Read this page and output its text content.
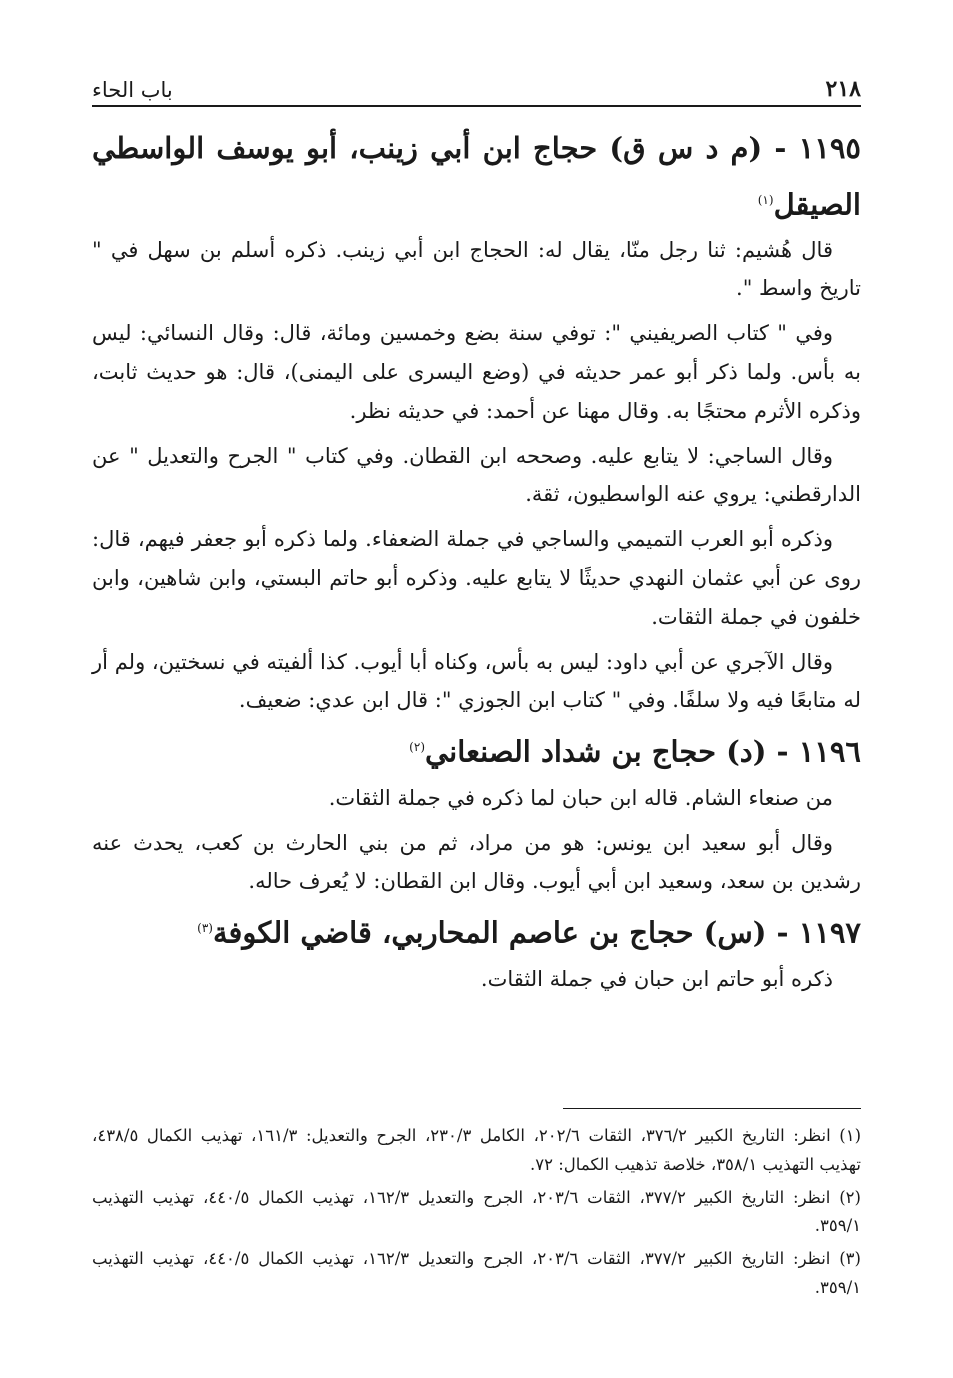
٢١٨
باب الحاء
١١٩٥ - (م د س ق) حجاج ابن أبي زينب، أبو يوسف الواسطي الصيقل$^{(١)}$

قال هُشيم: ثنا رجل منّا، يقال له: الحجاج ابن أبي زينب. ذكره أسلم بن سهل في " تاريخ واسط ".

وفي " كتاب الصريفيني ": توفي سنة بضع وخمسين ومائة، قال: وقال النسائي: ليس به بأس. ولما ذكر أبو عمر حديثه في (وضع اليسرى على اليمنى)، قال: هو حديث ثابت، وذكره الأثرم محتجًا به. وقال مهنا عن أحمد: في حديثه نظر.

وقال الساجي: لا يتابع عليه. وصححه ابن القطان. وفي كتاب " الجرح والتعديل " عن الدارقطني: يروي عنه الواسطيون، ثقة.

وذكره أبو العرب التميمي والساجي في جملة الضعفاء. ولما ذكره أبو جعفر فيهم، قال: روى عن أبي عثمان النهدي حديثًا لا يتابع عليه. وذكره أبو حاتم البستي، وابن شاهين، وابن خلفون في جملة الثقات.

وقال الآجري عن أبي داود: ليس به بأس، وكناه أبا أيوب. كذا ألفيته في نسختين، ولم أر له متابعًا فيه ولا سلفًا. وفي " كتاب ابن الجوزي ": قال ابن عدي: ضعيف.

١١٩٦ - (د) حجاج بن شداد الصنعاني$^{(٢)}$

من صنعاء الشام. قاله ابن حبان لما ذكره في جملة الثقات.

وقال أبو سعيد ابن يونس: هو من مراد، ثم من بني الحارث بن كعب، يحدث عنه رشدين بن سعد، وسعيد ابن أبي أيوب. وقال ابن القطان: لا يُعرف حاله.

١١٩٧ - (س) حجاج بن عاصم المحاربي، قاضي الكوفة$^{(٣)}$

ذكره أبو حاتم ابن حبان في جملة الثقات.

(١) انظر: التاريخ الكبير ٣٧٦/٢، الثقات ٢٠٢/٦، الكامل ٢٣٠/٣، الجرح والتعديل: ١٦١/٣، تهذيب الكمال ٤٣٨/٥، تهذيب التهذيب ٣٥٨/١، خلاصة تذهيب الكمال: ٧٢.

(٢) انظر: التاريخ الكبير ٣٧٧/٢، الثقات ٢٠٣/٦، الجرح والتعديل ١٦٢/٣، تهذيب الكمال ٤٤٠/٥، تهذيب التهذيب ٣٥٩/١.

(٣) انظر: التاريخ الكبير ٣٧٧/٢، الثقات ٢٠٣/٦، الجرح والتعديل ١٦٢/٣، تهذيب الكمال ٤٤٠/٥، تهذيب التهذيب ٣٥٩/١.
